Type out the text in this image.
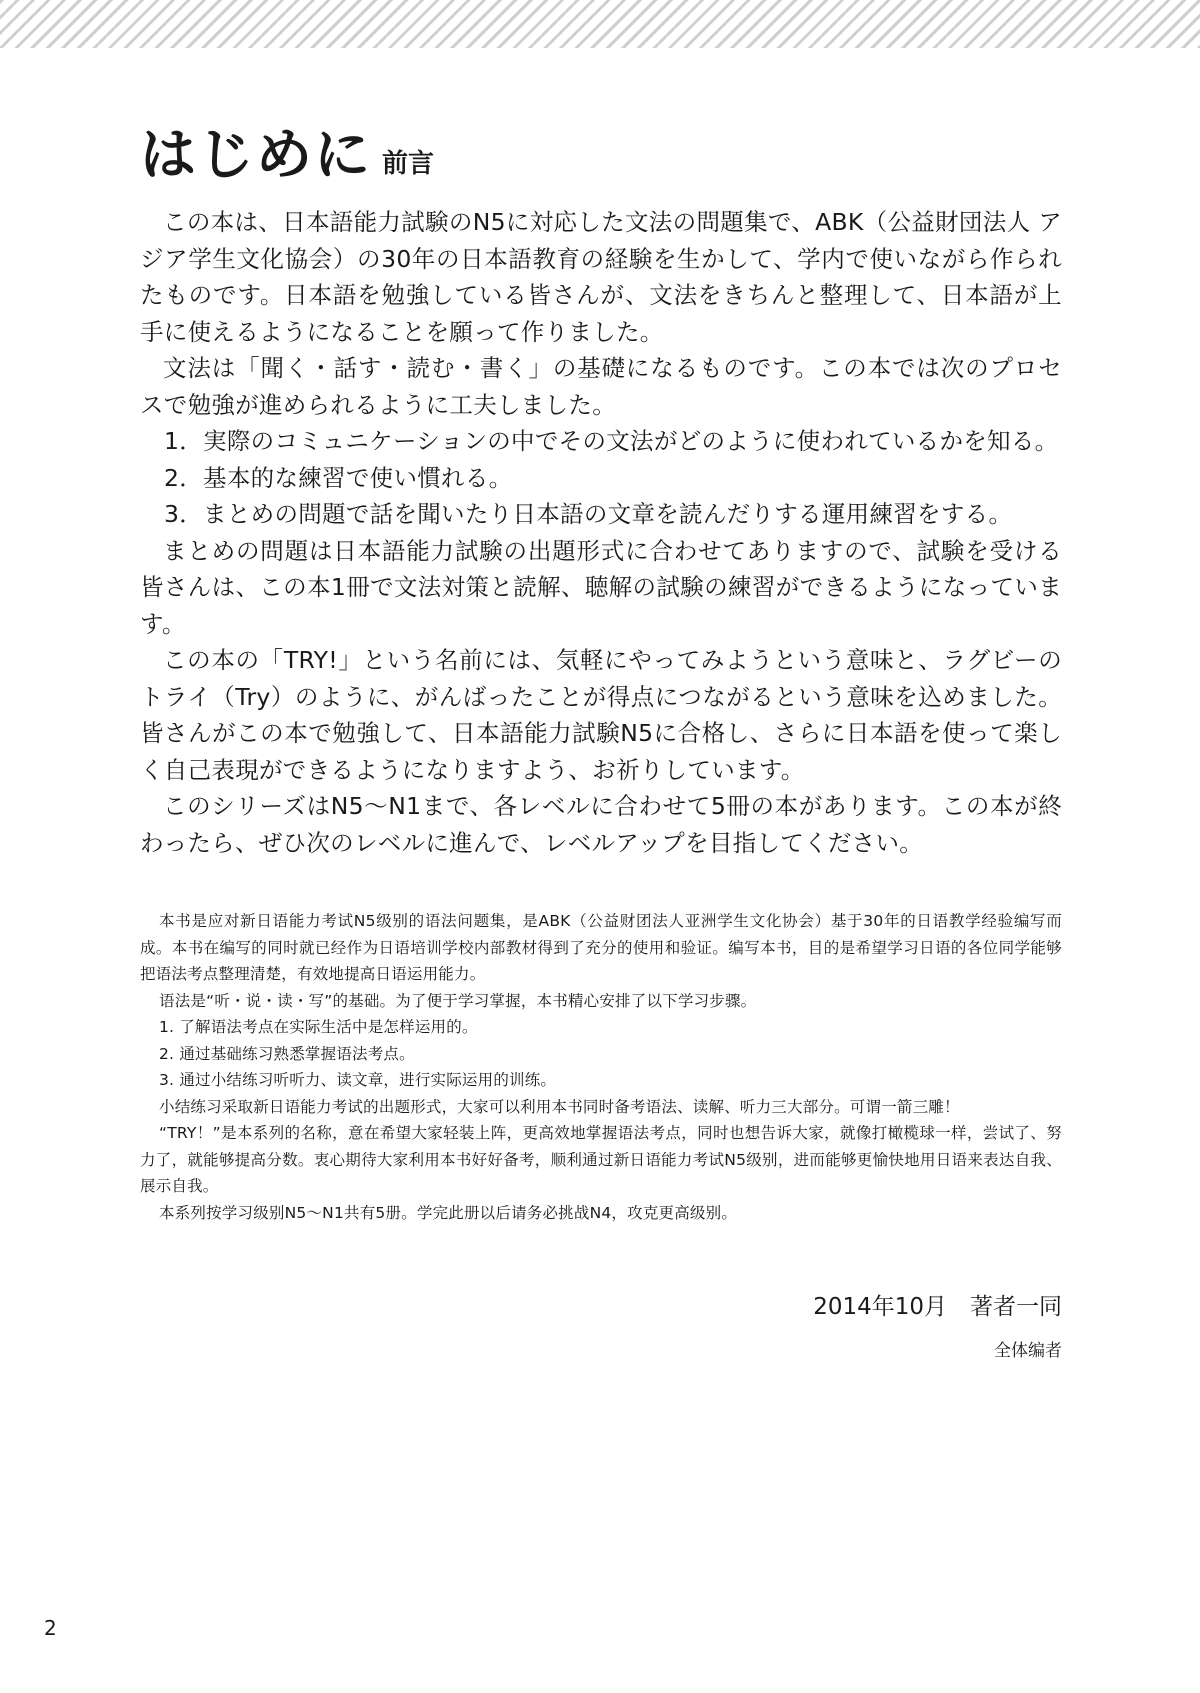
はじめに 前言

この本は、日本語能力試験のN5に対応した文法の問題集で、ABK（公益財団法人 アジア学生文化協会）の30年の日本語教育の経験を生かして、学内で使いながら作られたものです。日本語を勉強している皆さんが、文法をきちんと整理して、日本語が上手に使えるようになることを願って作りました。

文法は「聞く・話す・読む・書く」の基礎になるものです。この本では次のプロセスで勉強が進められるように工夫しました。

1．実際のコミュニケーションの中でその文法がどのように使われているかを知る。

2．基本的な練習で使い慣れる。

3．まとめの問題で話を聞いたり日本語の文章を読んだりする運用練習をする。

まとめの問題は日本語能力試験の出題形式に合わせてありますので、試験を受ける皆さんは、この本1冊で文法対策と読解、聴解の試験の練習ができるようになっています。

この本の「TRY!」という名前には、気軽にやってみようという意味と、ラグビーのトライ（Try）のように、がんばったことが得点につながるという意味を込めました。皆さんがこの本で勉強して、日本語能力試験N5に合格し、さらに日本語を使って楽しく自己表現ができるようになりますよう、お祈りしています。

このシリーズはN5～N1まで、各レベルに合わせて5冊の本があります。この本が終わったら、ぜひ次のレベルに進んで、レベルアップを目指してください。

本书是应对新日语能力考试N5级别的语法问题集，是ABK（公益财团法人亚洲学生文化协会）基于30年的日语教学经验编写而成。本书在编写的同时就已经作为日语培训学校内部教材得到了充分的使用和验证。编写本书，目的是希望学习日语的各位同学能够把语法考点整理清楚，有效地提高日语运用能力。

语法是“听・说・读・写”的基础。为了便于学习掌握，本书精心安排了以下学习步骤。

1. 了解语法考点在实际生活中是怎样运用的。

2. 通过基础练习熟悉掌握语法考点。

3. 通过小结练习听听力、读文章，进行实际运用的训练。

小结练习采取新日语能力考试的出题形式，大家可以利用本书同时备考语法、读解、听力三大部分。可谓一箭三雕！

“TRY！”是本系列的名称，意在希望大家轻装上阵，更高效地掌握语法考点，同时也想告诉大家，就像打橄榄球一样，尝试了、努力了，就能够提高分数。衷心期待大家利用本书好好备考，顺利通过新日语能力考试N5级别，进而能够更愉快地用日语来表达自我、展示自我。

本系列按学习级别N5～N1共有5册。学完此册以后请务必挑战N4，攻克更高级别。

2014年10月　著者一同
全体编者
2
